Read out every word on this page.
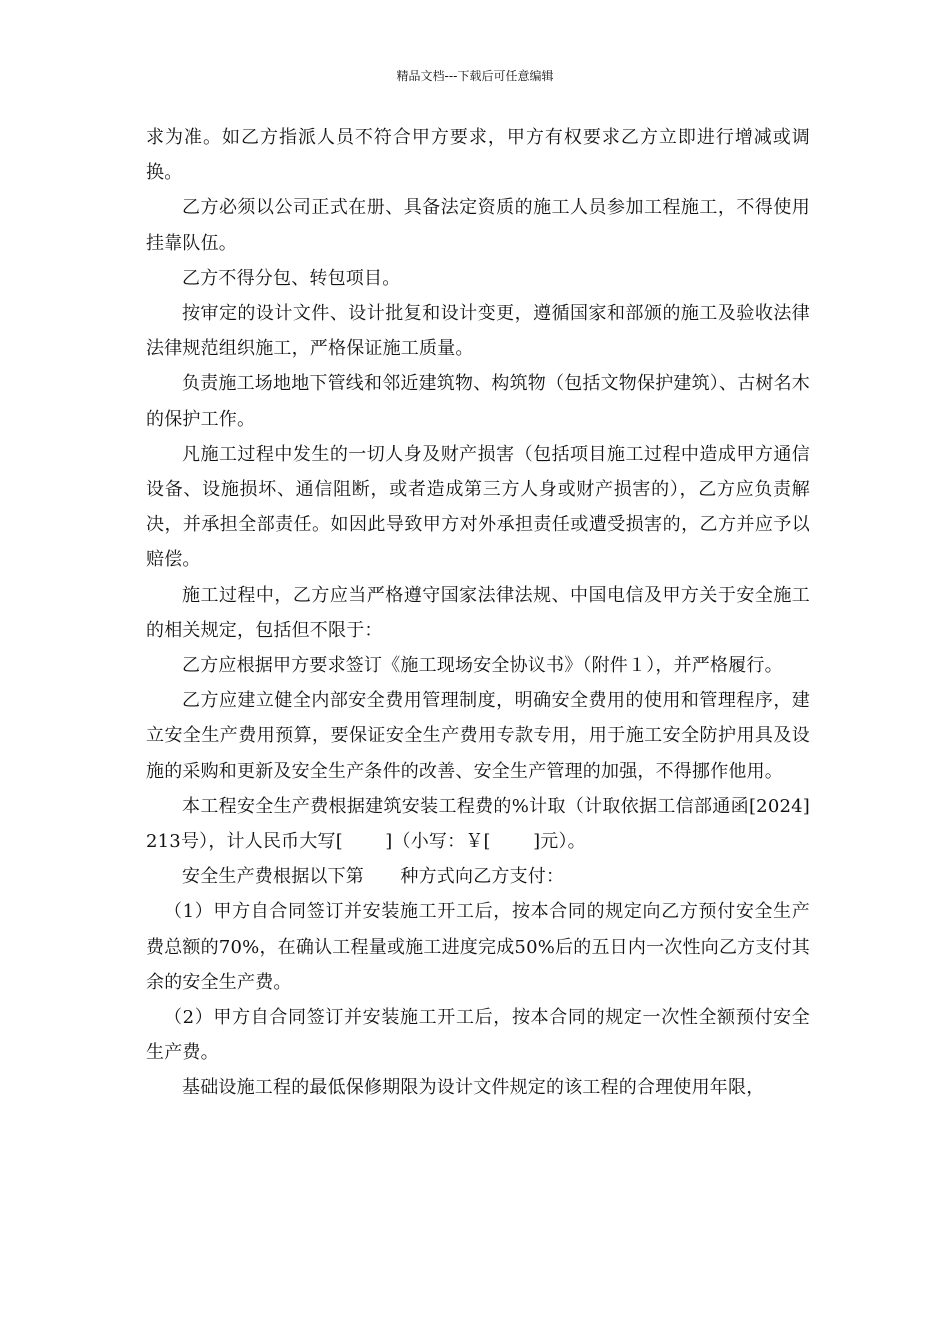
精品文档---下载后可任意编辑

求为准。如乙方指派人员不符合甲方要求，甲方有权要求乙方立即进行增减或调换。

乙方必须以公司正式在册、具备法定资质的施工人员参加工程施工，不得使用挂靠队伍。

乙方不得分包、转包项目。

按审定的设计文件、设计批复和设计变更，遵循国家和部颁的施工及验收法律法律规范组织施工，严格保证施工质量。

负责施工场地地下管线和邻近建筑物、构筑物（包括文物保护建筑）、古树名木的保护工作。

凡施工过程中发生的一切人身及财产损害（包括项目施工过程中造成甲方通信设备、设施损坏、通信阻断，或者造成第三方人身或财产损害的），乙方应负责解决，并承担全部责任。如因此导致甲方对外承担责任或遭受损害的，乙方并应予以赔偿。

施工过程中，乙方应当严格遵守国家法律法规、中国电信及甲方关于安全施工的相关规定，包括但不限于：

乙方应根据甲方要求签订《施工现场安全协议书》（附件１），并严格履行。

乙方应建立健全内部安全费用管理制度，明确安全费用的使用和管理程序，建立安全生产费用预算，要保证安全生产费用专款专用，用于施工安全防护用具及设施的采购和更新及安全生产条件的改善、安全生产管理的加强，不得挪作他用。

本工程安全生产费根据建筑安装工程费的%计取（计取依据工信部通函[2024]213号），计人民币大写[　　 ]（小写：￥[　　 ]元）。

安全生产费根据以下第　　种方式向乙方支付：

（1）甲方自合同签订并安装施工开工后，按本合同的规定向乙方预付安全生产费总额的70%，在确认工程量或施工进度完成50%后的五日内一次性向乙方支付其余的安全生产费。

（2）甲方自合同签订并安装施工开工后，按本合同的规定一次性全额预付安全生产费。

基础设施工程的最低保修期限为设计文件规定的该工程的合理使用年限，
